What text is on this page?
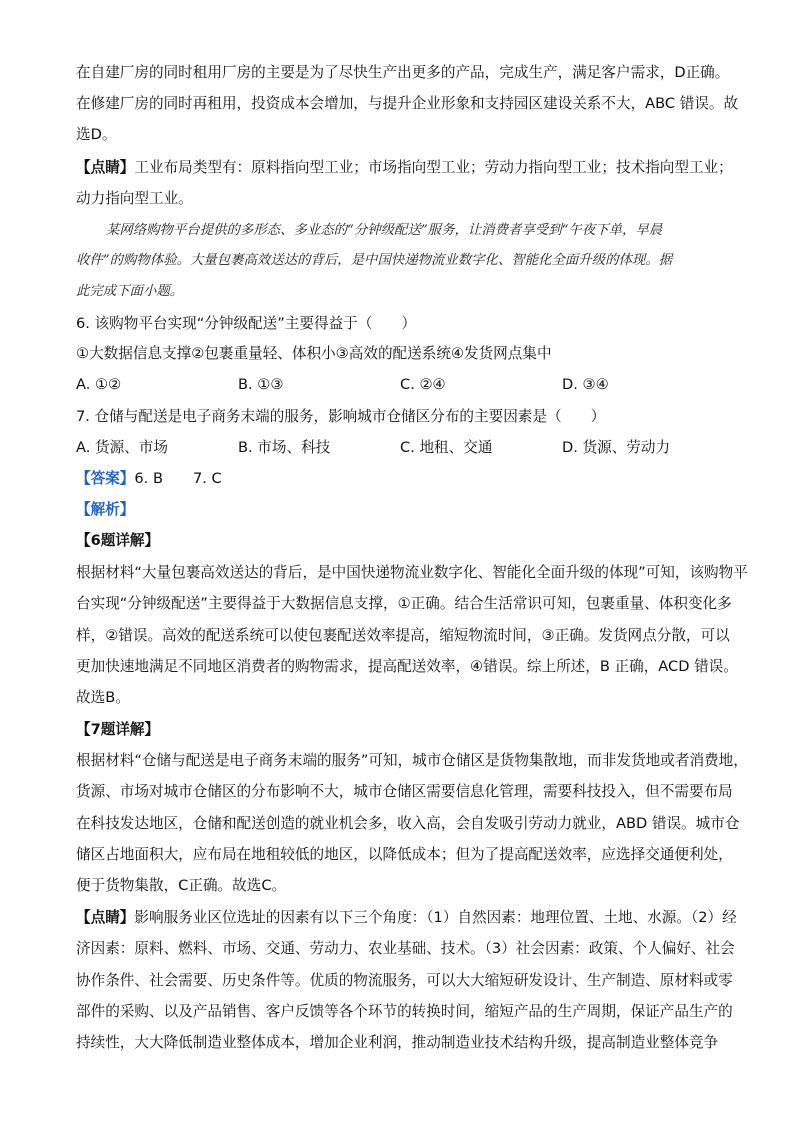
在自建厂房的同时租用厂房的主要是为了尽快生产出更多的产品，完成生产，满足客户需求，D正确。
在修建厂房的同时再租用，投资成本会增加，与提升企业形象和支持园区建设关系不大，ABC 错误。故
选D。
【点睛】工业布局类型有：原料指向型工业；市场指向型工业；劳动力指向型工业；技术指向型工业；
动力指向型工业。
某网络购物平台提供的多形态、多业态的“分钟级配送”服务，让消费者享受到“午夜下单，早晨
收件”的购物体验。大量包裹高效送达的背后，是中国快递物流业数字化、智能化全面升级的体现。据
此完成下面小题。
6. 该购物平台实现“分钟级配送”主要得益于（　　）
①大数据信息支撑②包裹重量轻、体积小③高效的配送系统④发货网点集中
A. ①②	B. ①③	C. ②④	D. ③④
7. 仓储与配送是电子商务末端的服务，影响城市仓储区分布的主要因素是（　　）
A. 货源、市场	B. 市场、科技	C. 地租、交通	D. 货源、劳动力
【答案】6. B 7. C
【解析】
【6题详解】
根据材料“大量包裹高效送达的背后，是中国快递物流业数字化、智能化全面升级的体现”可知，该购物平
台实现“分钟级配送”主要得益于大数据信息支撑，①正确。结合生活常识可知，包裹重量、体积变化多
样，②错误。高效的配送系统可以使包裹配送效率提高，缩短物流时间，③正确。发货网点分散，可以
更加快速地满足不同地区消费者的购物需求，提高配送效率，④错误。综上所述，B 正确，ACD 错误。
故选B。
【7题详解】
根据材料“仓储与配送是电子商务末端的服务”可知，城市仓储区是货物集散地，而非发货地或者消费地，
货源、市场对城市仓储区的分布影响不大，城市仓储区需要信息化管理，需要科技投入，但不需要布局
在科技发达地区，仓储和配送创造的就业机会多，收入高，会自发吸引劳动力就业，ABD 错误。城市仓
储区占地面积大，应布局在地租较低的地区，以降低成本；但为了提高配送效率，应选择交通便利处，
便于货物集散，C正确。故选C。
【点睛】影响服务业区位选址的因素有以下三个角度：（1）自然因素：地理位置、土地、水源。（2）经
济因素：原料、燃料、市场、交通、劳动力、农业基础、技术。（3）社会因素：政策、个人偏好、社会
协作条件、社会需要、历史条件等。优质的物流服务，可以大大缩短研发设计、生产制造、原材料或零
部件的采购、以及产品销售、客户反馈等各个环节的转换时间，缩短产品的生产周期，保证产品生产的
持续性，大大降低制造业整体成本，增加企业利润，推动制造业技术结构升级，提高制造业整体竞争
